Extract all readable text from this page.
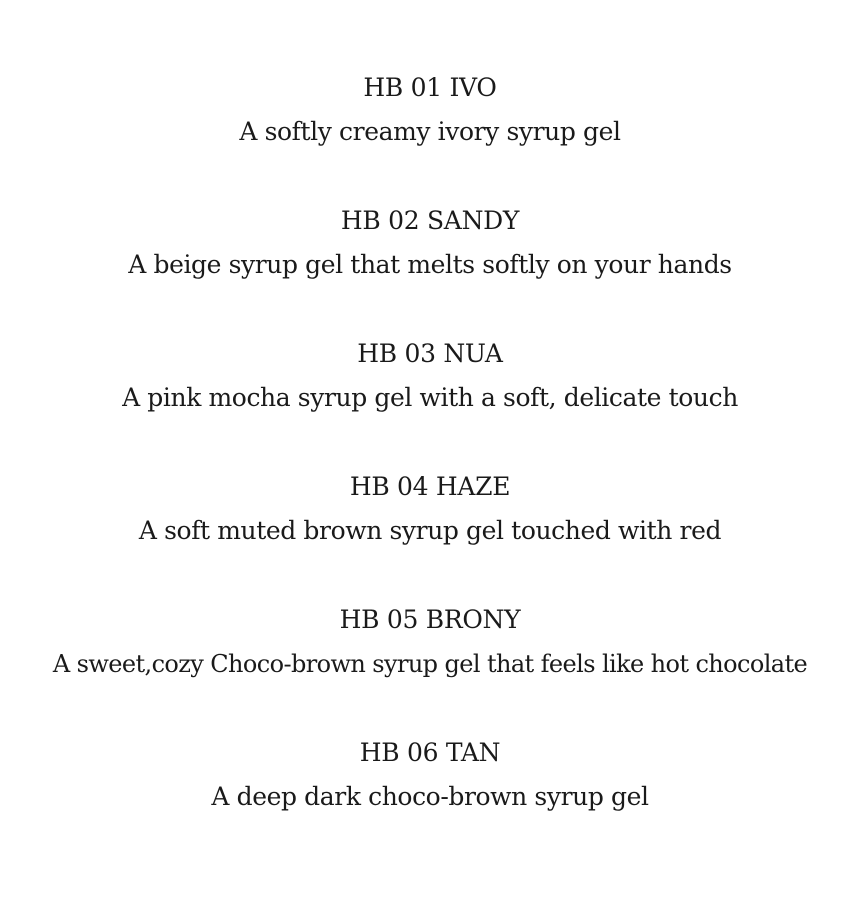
HB 01 IVO
A softly creamy ivory syrup gel
HB 02 SANDY
A beige syrup gel that melts softly on your hands
HB 03 NUA
A pink mocha syrup gel with a soft, delicate touch
HB 04 HAZE
A soft muted brown syrup gel touched with red
HB 05 BRONY
A sweet,cozy Choco-brown syrup gel that feels like hot chocolate
HB 06 TAN
A deep dark choco-brown syrup gel
